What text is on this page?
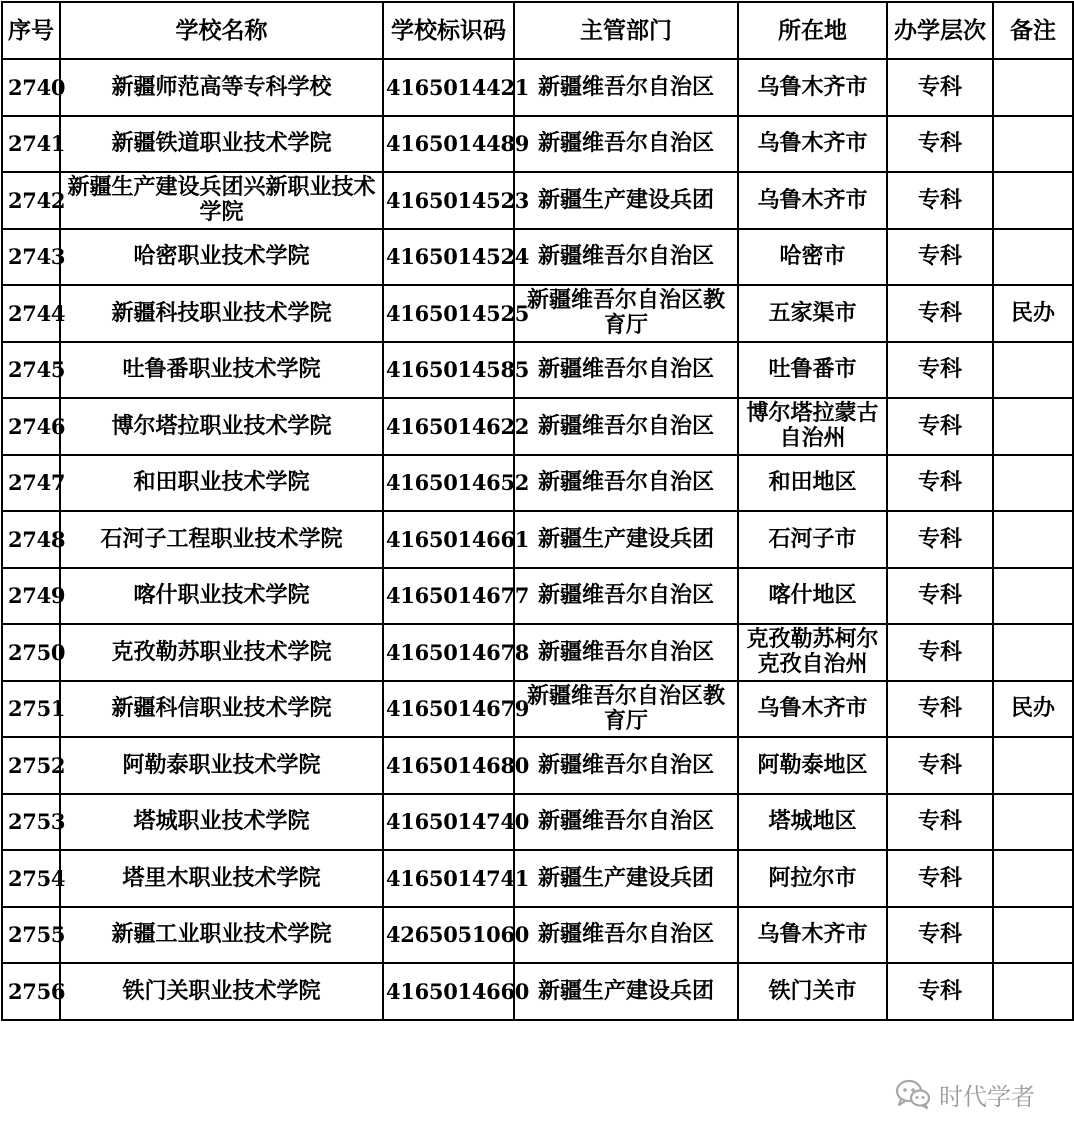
序号	学校名称	学校标识码	主管部门	所在地	办学层次	备注
2740	新疆师范高等专科学校	4165014421	新疆维吾尔自治区	乌鲁木齐市	专科	
2741	新疆铁道职业技术学院	4165014489	新疆维吾尔自治区	乌鲁木齐市	专科	
2742	新疆生产建设兵团兴新职业技术学院	4165014523	新疆生产建设兵团	乌鲁木齐市	专科	
2743	哈密职业技术学院	4165014524	新疆维吾尔自治区	哈密市	专科	
2744	新疆科技职业技术学院	4165014525	新疆维吾尔自治区教育厅	五家渠市	专科	民办
2745	吐鲁番职业技术学院	4165014585	新疆维吾尔自治区	吐鲁番市	专科	
2746	博尔塔拉职业技术学院	4165014622	新疆维吾尔自治区	博尔塔拉蒙古自治州	专科	
2747	和田职业技术学院	4165014652	新疆维吾尔自治区	和田地区	专科	
2748	石河子工程职业技术学院	4165014661	新疆生产建设兵团	石河子市	专科	
2749	喀什职业技术学院	4165014677	新疆维吾尔自治区	喀什地区	专科	
2750	克孜勒苏职业技术学院	4165014678	新疆维吾尔自治区	克孜勒苏柯尔克孜自治州	专科	
2751	新疆科信职业技术学院	4165014679	新疆维吾尔自治区教育厅	乌鲁木齐市	专科	民办
2752	阿勒泰职业技术学院	4165014680	新疆维吾尔自治区	阿勒泰地区	专科	
2753	塔城职业技术学院	4165014740	新疆维吾尔自治区	塔城地区	专科	
2754	塔里木职业技术学院	4165014741	新疆生产建设兵团	阿拉尔市	专科	
2755	新疆工业职业技术学院	4265051060	新疆维吾尔自治区	乌鲁木齐市	专科	
2756	铁门关职业技术学院	4165014660	新疆生产建设兵团	铁门关市	专科	
时代学者
